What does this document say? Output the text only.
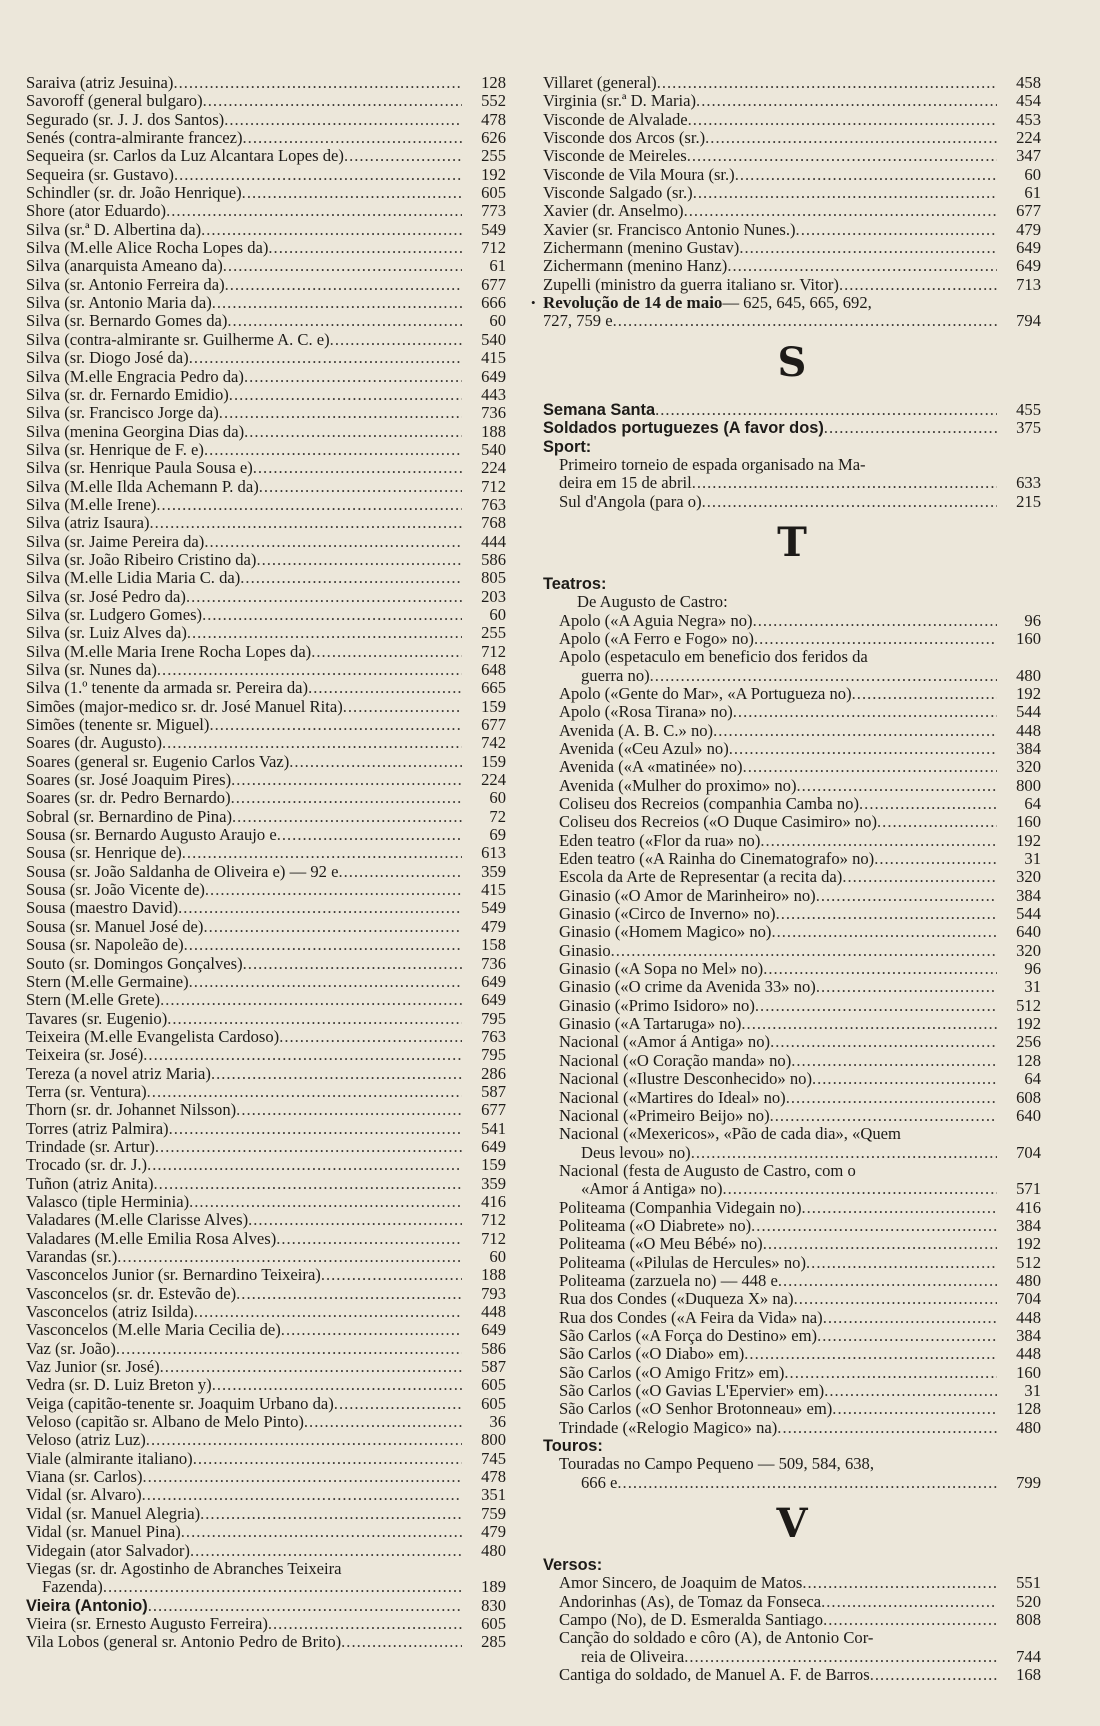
Saraiva (atriz Jesuina) .....	128
Savoroff (general bulgaro) .....	552
Segurado (sr. J. J. dos Santos) .....	478
Senés (contra-almirante francez) .....	626
Sequeira (sr. Carlos da Luz Alcantara Lopes de) .....	255
Sequeira (sr. Gustavo) .....	192
Schindler (sr. dr. João Henrique) .....	605
Shore (ator Eduardo) .....	773
Silva (sr.ª D. Albertina da) .....	549
Silva (M.elle Alice Rocha Lopes da) .....	712
Silva (anarquista Ameano da) .....	61
Silva (sr. Antonio Ferreira da) .....	677
Silva (sr. Antonio Maria da) .....	666
Silva (sr. Bernardo Gomes da) .....	60
Silva (contra-almirante sr. Guilherme A. C. e) .....	540
Silva (sr. Diogo José da) .....	415
Silva (M.elle Engracia Pedro da) .....	649
Silva (sr. dr. Fernardo Emidio) .....	443
Silva (sr. Francisco Jorge da) .....	736
Silva (menina Georgina Dias da) .....	188
Silva (sr. Henrique de F. e) .....	540
Silva (sr. Henrique Paula Sousa e) .....	224
Silva (M.elle Ilda Achemann P. da) .....	712
Silva (M.elle Irene) .....	763
Silva (atriz Isaura) .....	768
Silva (sr. Jaime Pereira da) .....	444
Silva (sr. João Ribeiro Cristino da) .....	586
Silva (M.elle Lidia Maria C. da) .....	805
Silva (sr. José Pedro da) .....	203
Silva (sr. Ludgero Gomes) .....	60
Silva (sr. Luiz Alves da) .....	255
Silva (M.elle Maria Irene Rocha Lopes da) .....	712
Silva (sr. Nunes da) .....	648
Silva (1.º tenente da armada sr. Pereira da) .....	665
Simões (major-medico sr. dr. José Manuel Rita) .....	159
Simões (tenente sr. Miguel) .....	677
Soares (dr. Augusto) .....	742
Soares (general sr. Eugenio Carlos Vaz) .....	159
Soares (sr. José Joaquim Pires) .....	224
Soares (sr. dr. Pedro Bernardo) .....	60
Sobral (sr. Bernardino de Pina) .....	72
Sousa (sr. Bernardo Augusto Araujo e .....	69
Sousa (sr. Henrique de) .....	613
Sousa (sr. João Saldanha de Oliveira e) — 92 e .....	359
Sousa (sr. João Vicente de) .....	415
Sousa (maestro David) .....	549
Sousa (sr. Manuel José de) .....	479
Sousa (sr. Napoleão de) .....	158
Souto (sr. Domingos Gonçalves) .....	736
Stern (M.elle Germaine) .....	649
Stern (M.elle Grete) .....	649
Tavares (sr. Eugenio) .....	795
Teixeira (M.elle Evangelista Cardoso) .....	763
Teixeira (sr. José) .....	795
Tereza (a novel atriz Maria) .....	286
Terra (sr. Ventura) .....	587
Thorn (sr. dr. Johannet Nilsson) .....	677
Torres (atriz Palmira) .....	541
Trindade (sr. Artur) .....	649
Trocado (sr. dr. J.) .....	159
Tuñon (atriz Anita) .....	359
Valasco (tiple Herminia) .....	416
Valadares (M.elle Clarisse Alves) .....	712
Valadares (M.elle Emilia Rosa Alves) .....	712
Varandas (sr.) .....	60
Vasconcelos Junior (sr. Bernardino Teixeira) .....	188
Vasconcelos (sr. dr. Estevão de) .....	793
Vasconcelos (atriz Isilda) .....	448
Vasconcelos (M.elle Maria Cecilia de) .....	649
Vaz (sr. João) .....	586
Vaz Junior (sr. José) .....	587
Vedra (sr. D. Luiz Breton y) .....	605
Veiga (capitão-tenente sr. Joaquim Urbano da) .....	605
Veloso (capitão sr. Albano de Melo Pinto) .....	36
Veloso (atriz Luz) .....	800
Viale (almirante italiano) .....	745
Viana (sr. Carlos) .....	478
Vidal (sr. Alvaro) .....	351
Vidal (sr. Manuel Alegria) .....	759
Vidal (sr. Manuel Pina) .....	479
Videgain (ator Salvador) .....	480
Viegas (sr. dr. Agostinho de Abranches Teixeira
Fazenda) .....	189
Vieira (Antonio) .....	830
Vieira (sr. Ernesto Augusto Ferreira) .....	605
Vila Lobos (general sr. Antonio Pedro de Brito) .....	285
Villaret (general) .....	458
Virginia (sr.ª D. Maria) .....	454
Visconde de Alvalade .....	453
Visconde dos Arcos (sr.) .....	224
Visconde de Meireles .....	347
Visconde de Vila Moura (sr.) .....	60
Visconde Salgado (sr.) .....	61
Xavier (dr. Anselmo) .....	677
Xavier (sr. Francisco Antonio Nunes.) .....	479
Zichermann (menino Gustav) .....	649
Zichermann (menino Hanz) .....	649
Zupelli (ministro da guerra italiano sr. Vitor) .....	713
• Revolução de 14 de maio — 625, 645, 665, 692,
727, 759 e .....	794
S
Semana Santa .....	455
Soldados portuguezes (A favor dos) .....	375
Sport:
Primeiro torneio de espada organisado na Ma-
deira em 15 de abril .....	633
Sul d'Angola (para o) .....	215
T
Teatros:
De Augusto de Castro:
Apolo («A Aguia Negra» no) .....	96
Apolo («A Ferro e Fogo» no) .....	160
Apolo (espetaculo em beneficio dos feridos da
guerra no) .....	480
Apolo («Gente do Mar», «A Portugueza no) .....	192
Apolo («Rosa Tirana» no) .....	544
Avenida (A. B. C.» no) .....	448
Avenida («Ceu Azul» no) .....	384
Avenida («A «matinée» no) .....	320
Avenida («Mulher do proximo» no) .....	800
Coliseu dos Recreios (companhia Camba no) .....	64
Coliseu dos Recreios («O Duque Casimiro» no) .....	160
Eden teatro («Flor da rua» no) .....	192
Eden teatro («A Rainha do Cinematografo» no) .....	31
Escola da Arte de Representar (a recita da) .....	320
Ginasio («O Amor de Marinheiro» no) .....	384
Ginasio («Circo de Inverno» no) .....	544
Ginasio («Homem Magico» no) .....	640
Ginasio .....	320
Ginasio («A Sopa no Mel» no) .....	96
Ginasio («O crime da Avenida 33» no) .....	31
Ginasio («Primo Isidoro» no) .....	512
Ginasio («A Tartaruga» no) .....	192
Nacional («Amor á Antiga» no) .....	256
Nacional («O Coração manda» no) .....	128
Nacional («Ilustre Desconhecido» no) .....	64
Nacional («Martires do Ideal» no) .....	608
Nacional («Primeiro Beijo» no) .....	640
Nacional («Mexericos», «Pão de cada dia», «Quem
Deus levou» no) .....	704
Nacional (festa de Augusto de Castro, com o
«Amor á Antiga» no) .....	571
Politeama (Companhia Videgain no) .....	416
Politeama («O Diabrete» no) .....	384
Politeama («O Meu Bébé» no) .....	192
Politeama («Pilulas de Hercules» no) .....	512
Politeama (zarzuela no) — 448 e .....	480
Rua dos Condes («Duqueza X» na) .....	704
Rua dos Condes («A Feira da Vida» na) .....	448
São Carlos («A Força do Destino» em) .....	384
São Carlos («O Diabo» em) .....	448
São Carlos («O Amigo Fritz» em) .....	160
São Carlos («O Gavias L'Epervier» em) .....	31
São Carlos («O Senhor Brotonneau» em) .....	128
Trindade («Relogio Magico» na) .....	480
Touros:
Touradas no Campo Pequeno — 509, 584, 638,
666 e .....	799
V
Versos:
Amor Sincero, de Joaquim de Matos .....	551
Andorinhas (As), de Tomaz da Fonseca .....	520
Campo (No), de D. Esmeralda Santiago .....	808
Canção do soldado e côro (A), de Antonio Cor-
reia de Oliveira .....	744
Cantiga do soldado, de Manuel A. F. de Barros .....	168
